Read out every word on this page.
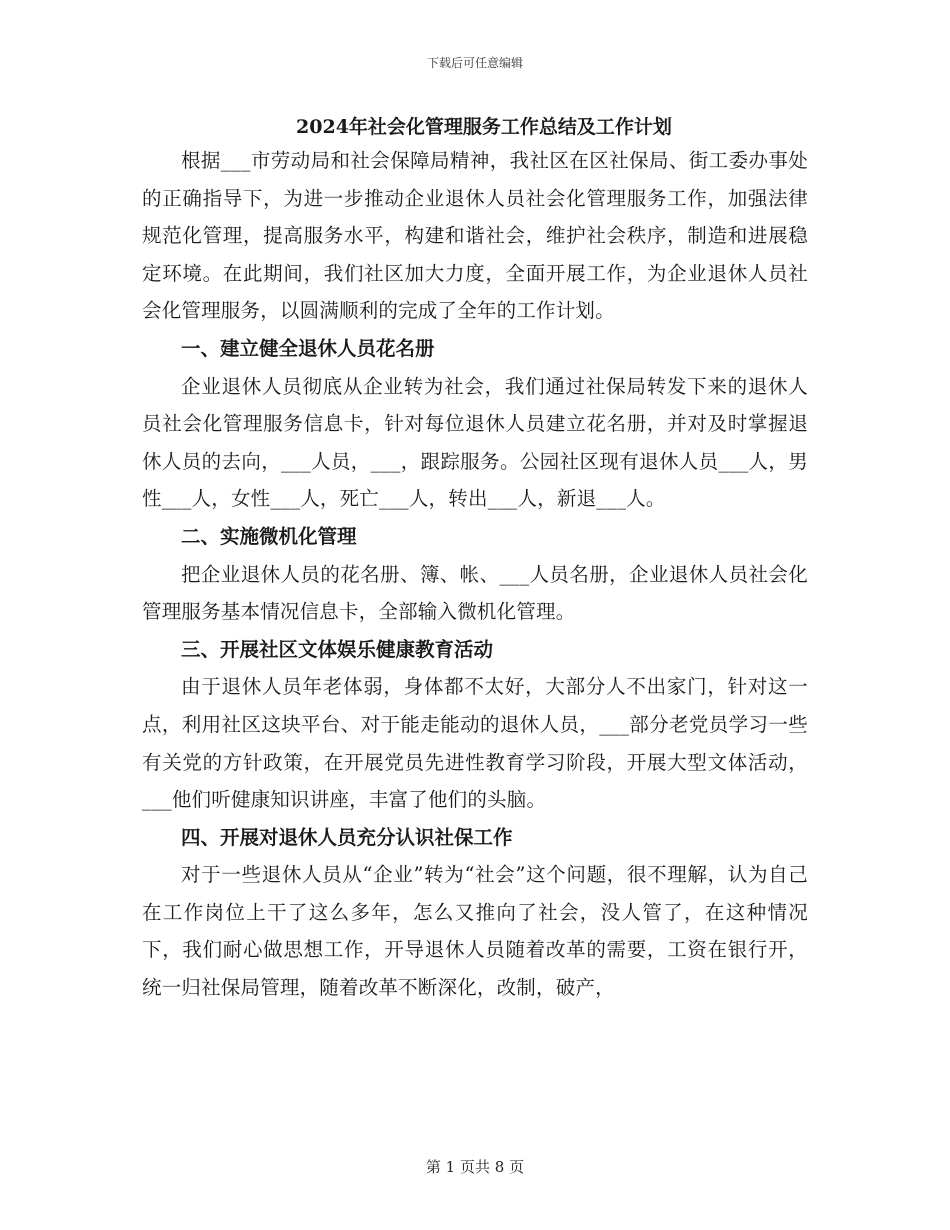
下载后可任意编辑
2024年社会化管理服务工作总结及工作计划

根据___市劳动局和社会保障局精神，我社区在区社保局、街工委办事处的正确指导下，为进一步推动企业退休人员社会化管理服务工作，加强法律规范化管理，提高服务水平，构建和谐社会，维护社会秩序，制造和进展稳定环境。在此期间，我们社区加大力度，全面开展工作，为企业退休人员社会化管理服务，以圆满顺利的完成了全年的工作计划。

一、建立健全退休人员花名册

企业退休人员彻底从企业转为社会，我们通过社保局转发下来的退休人员社会化管理服务信息卡，针对每位退休人员建立花名册，并对及时掌握退休人员的去向，___人员，___，跟踪服务。公园社区现有退休人员___人，男性___人，女性___人，死亡___人，转出___人，新退___人。

二、实施微机化管理

把企业退休人员的花名册、簿、帐、___人员名册，企业退休人员社会化管理服务基本情况信息卡，全部输入微机化管理。

三、开展社区文体娱乐健康教育活动

由于退休人员年老体弱，身体都不太好，大部分人不出家门，针对这一点，利用社区这块平台、对于能走能动的退休人员，___部分老党员学习一些有关党的方针政策，在开展党员先进性教育学习阶段，开展大型文体活动，___他们听健康知识讲座，丰富了他们的头脑。

四、开展对退休人员充分认识社保工作

对于一些退休人员从“企业”转为“社会”这个问题，很不理解，认为自己在工作岗位上干了这么多年，怎么又推向了社会，没人管了，在这种情况下，我们耐心做思想工作，开导退休人员随着改革的需要，工资在银行开，统一归社保局管理，随着改革不断深化，改制，破产，

第 1 页共 8 页
